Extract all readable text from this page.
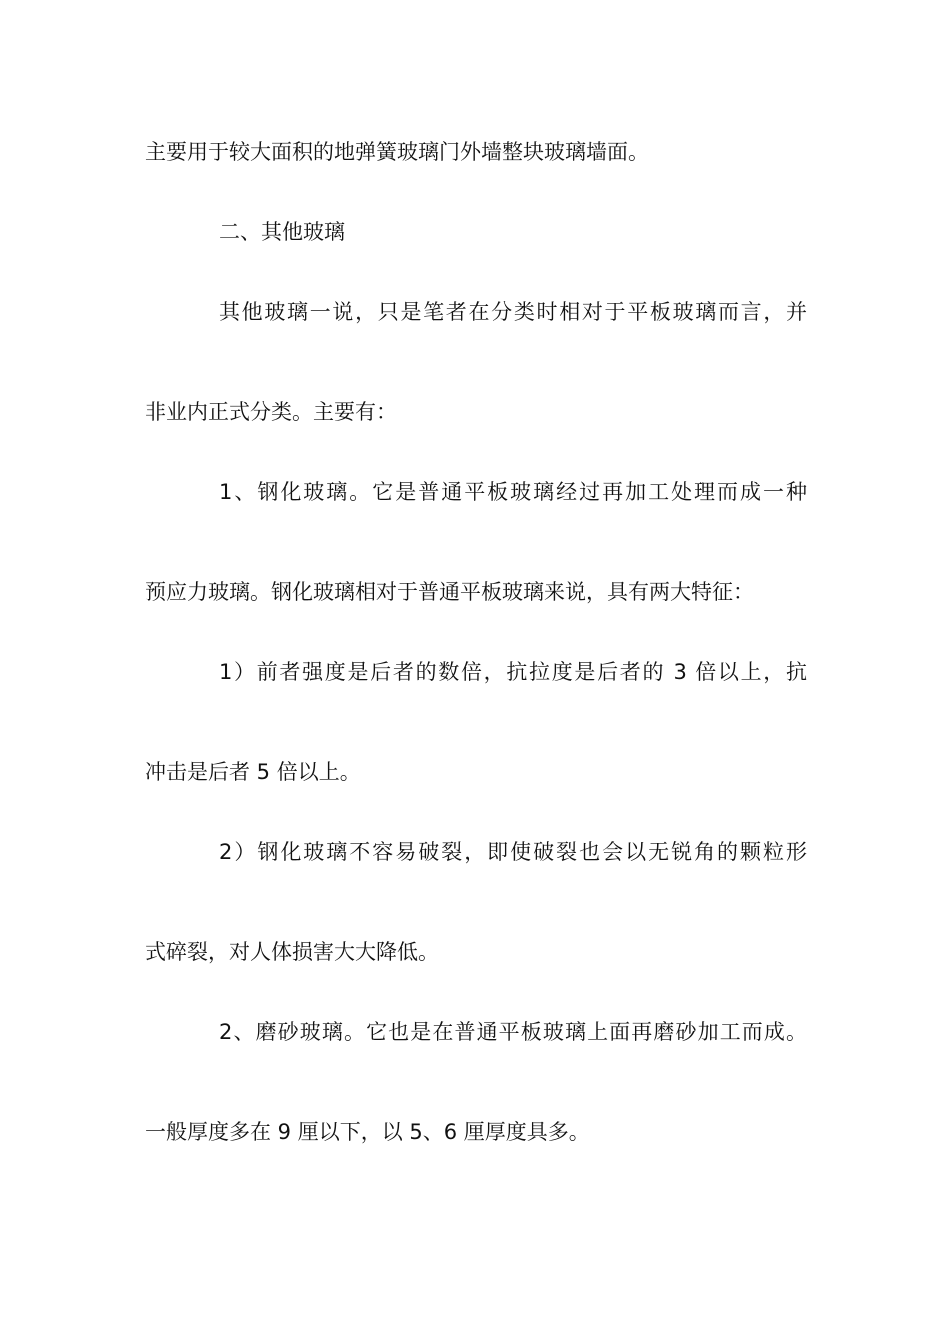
主要用于较大面积的地弹簧玻璃门外墙整块玻璃墙面。
二、其他玻璃
其他玻璃一说，只是笔者在分类时相对于平板玻璃而言，并
非业内正式分类。主要有：
1、钢化玻璃。它是普通平板玻璃经过再加工处理而成一种
预应力玻璃。钢化玻璃相对于普通平板玻璃来说，具有两大特征：
1）前者强度是后者的数倍，抗拉度是后者的 3 倍以上，抗
冲击是后者 5 倍以上。
2）钢化玻璃不容易破裂，即使破裂也会以无锐角的颗粒形
式碎裂，对人体损害大大降低。
2、磨砂玻璃。它也是在普通平板玻璃上面再磨砂加工而成。
一般厚度多在 9 厘以下，以 5、6 厘厚度具多。
